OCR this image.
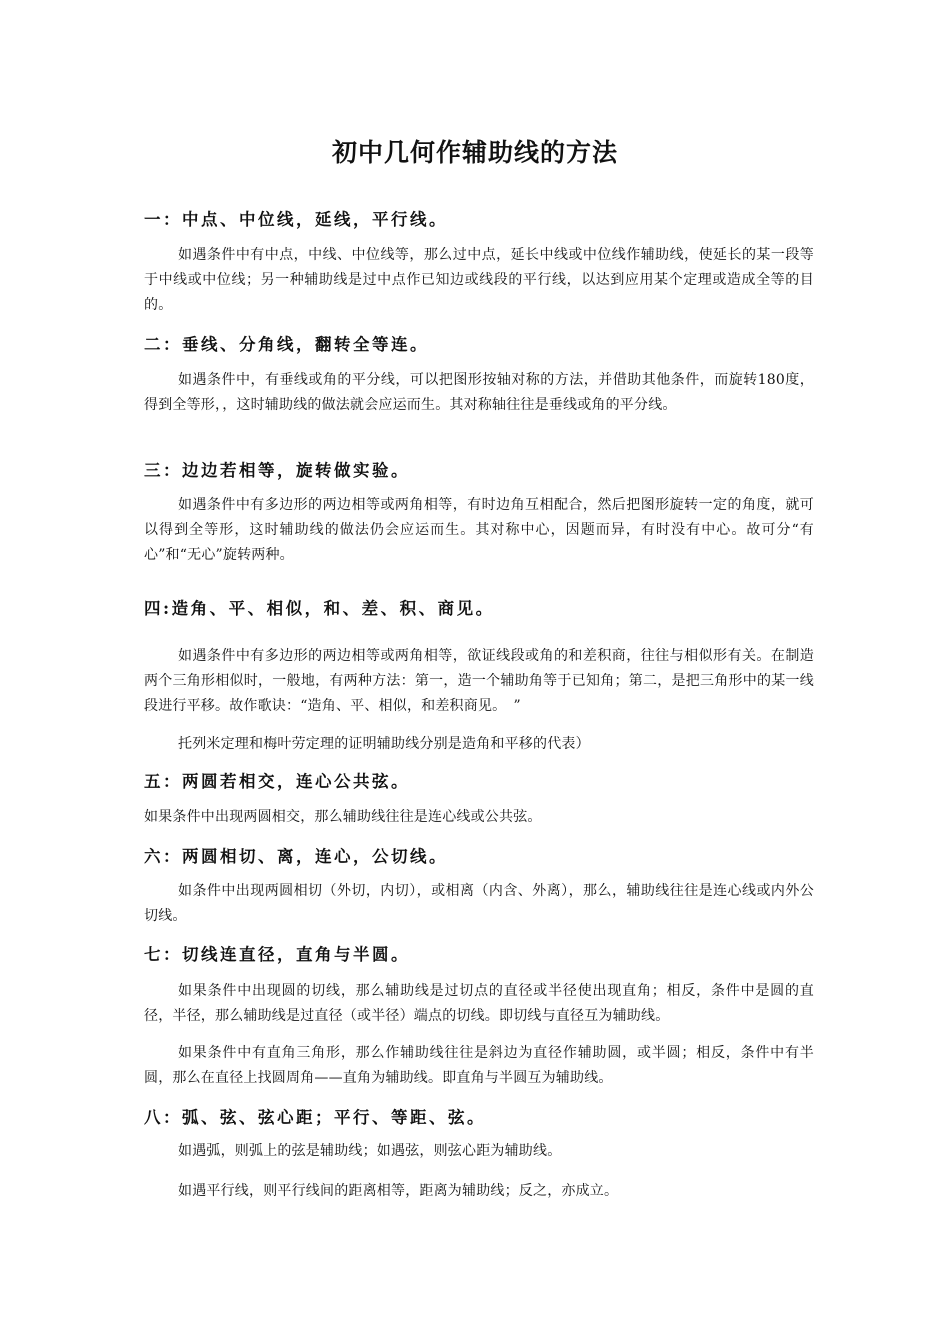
初中几何作辅助线的方法
一：中点、中位线，延线，平行线。

如遇条件中有中点，中线、中位线等，那么过中点，延长中线或中位线作辅助线，使延长的某一段等于中线或中位线；另一种辅助线是过中点作已知边或线段的平行线，以达到应用某个定理或造成全等的目的。

二：垂线、分角线，翻转全等连。

如遇条件中，有垂线或角的平分线，可以把图形按轴对称的方法，并借助其他条件，而旋转180度，得到全等形，，这时辅助线的做法就会应运而生。其对称轴往往是垂线或角的平分线。

三：边边若相等，旋转做实验。

如遇条件中有多边形的两边相等或两角相等，有时边角互相配合，然后把图形旋转一定的角度，就可以得到全等形，这时辅助线的做法仍会应运而生。其对称中心，因题而异，有时没有中心。故可分“有心”和“无心”旋转两种。

四:造角、平、相似，和、差、积、商见。

如遇条件中有多边形的两边相等或两角相等，欲证线段或角的和差积商，往往与相似形有关。在制造两个三角形相似时，一般地，有两种方法：第一，造一个辅助角等于已知角；第二，是把三角形中的某一线段进行平移。故作歌诀：“造角、平、相似，和差积商见。　”

托列米定理和梅叶劳定理的证明辅助线分别是造角和平移的代表）

五：两圆若相交，连心公共弦。

如果条件中出现两圆相交，那么辅助线往往是连心线或公共弦。

六：两圆相切、离，连心，公切线。

如条件中出现两圆相切（外切，内切），或相离（内含、外离），那么，辅助线往往是连心线或内外公切线。

七：切线连直径，直角与半圆。

如果条件中出现圆的切线，那么辅助线是过切点的直径或半径使出现直角；相反，条件中是圆的直径，半径，那么辅助线是过直径（或半径）端点的切线。即切线与直径互为辅助线。

如果条件中有直角三角形，那么作辅助线往往是斜边为直径作辅助圆，或半圆；相反，条件中有半圆，那么在直径上找圆周角——直角为辅助线。即直角与半圆互为辅助线。

八：弧、弦、弦心距；平行、等距、弦。

如遇弧，则弧上的弦是辅助线；如遇弦，则弦心距为辅助线。

如遇平行线，则平行线间的距离相等，距离为辅助线；反之，亦成立。
